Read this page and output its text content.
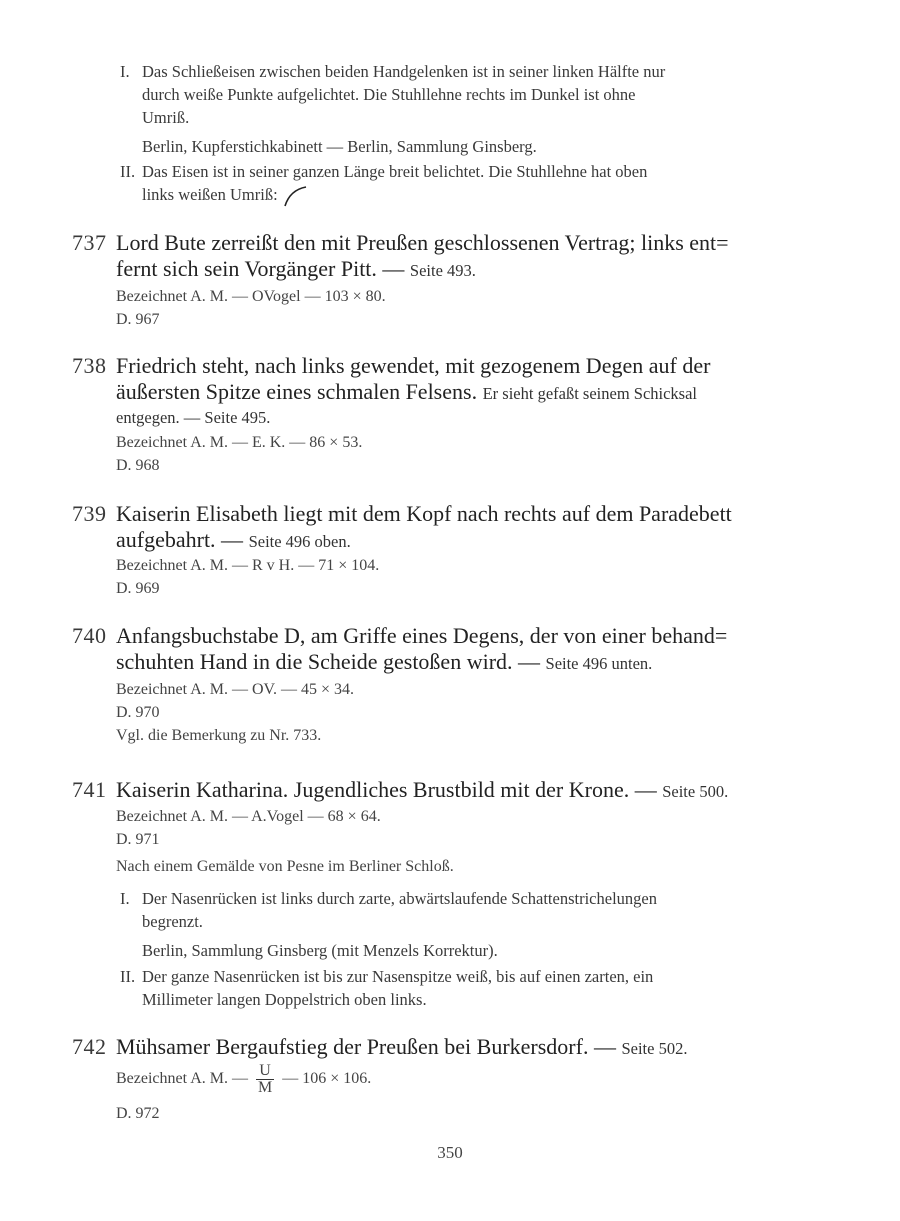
I. Das Schließeisen zwischen beiden Handgelenken ist in seiner linken Hälfte nur
durch weiße Punkte aufgelichtet. Die Stuhllehne rechts im Dunkel ist ohne
Umriß.
Berlin, Kupferstichkabinett — Berlin, Sammlung Ginsberg.
II. Das Eisen ist in seiner ganzen Länge breit belichtet. Die Stuhllehne hat oben
links weißen Umriß:
737 Lord Bute zerreißt den mit Preußen geschlossenen Vertrag; links ent=
fernt sich sein Vorgänger Pitt. — Seite 493.
Bezeichnet A. M. — OVogel — 103 × 80.
D. 967
738 Friedrich steht, nach links gewendet, mit gezogenem Degen auf der
äußersten Spitze eines schmalen Felsens. Er sieht gefaßt seinem Schicksal
entgegen. — Seite 495.
Bezeichnet A. M. — E. K. — 86 × 53.
D. 968
739 Kaiserin Elisabeth liegt mit dem Kopf nach rechts auf dem Paradebett
aufgebahrt. — Seite 496 oben.
Bezeichnet A. M. — R v H. — 71 × 104.
D. 969
740 Anfangsbuchstabe D, am Griffe eines Degens, der von einer behand=
schuhten Hand in die Scheide gestoßen wird. — Seite 496 unten.
Bezeichnet A. M. — OV. — 45 × 34.
D. 970
Vgl. die Bemerkung zu Nr. 733.
741 Kaiserin Katharina. Jugendliches Brustbild mit der Krone. — Seite 500.
Bezeichnet A. M. — A.Vogel — 68 × 64.
D. 971
Nach einem Gemälde von Pesne im Berliner Schloß.
I. Der Nasenrücken ist links durch zarte, abwärtslaufende Schattenstrichelungen
begrenzt.
Berlin, Sammlung Ginsberg (mit Menzels Korrektur).
II. Der ganze Nasenrücken ist bis zur Nasenspitze weiß, bis auf einen zarten, ein
Millimeter langen Doppelstrich oben links.
742 Mühsamer Bergaufstieg der Preußen bei Burkersdorf. — Seite 502.
Bezeichnet A. M. — $\frac{U}{M}$ — 106 × 106.
D. 972
350
